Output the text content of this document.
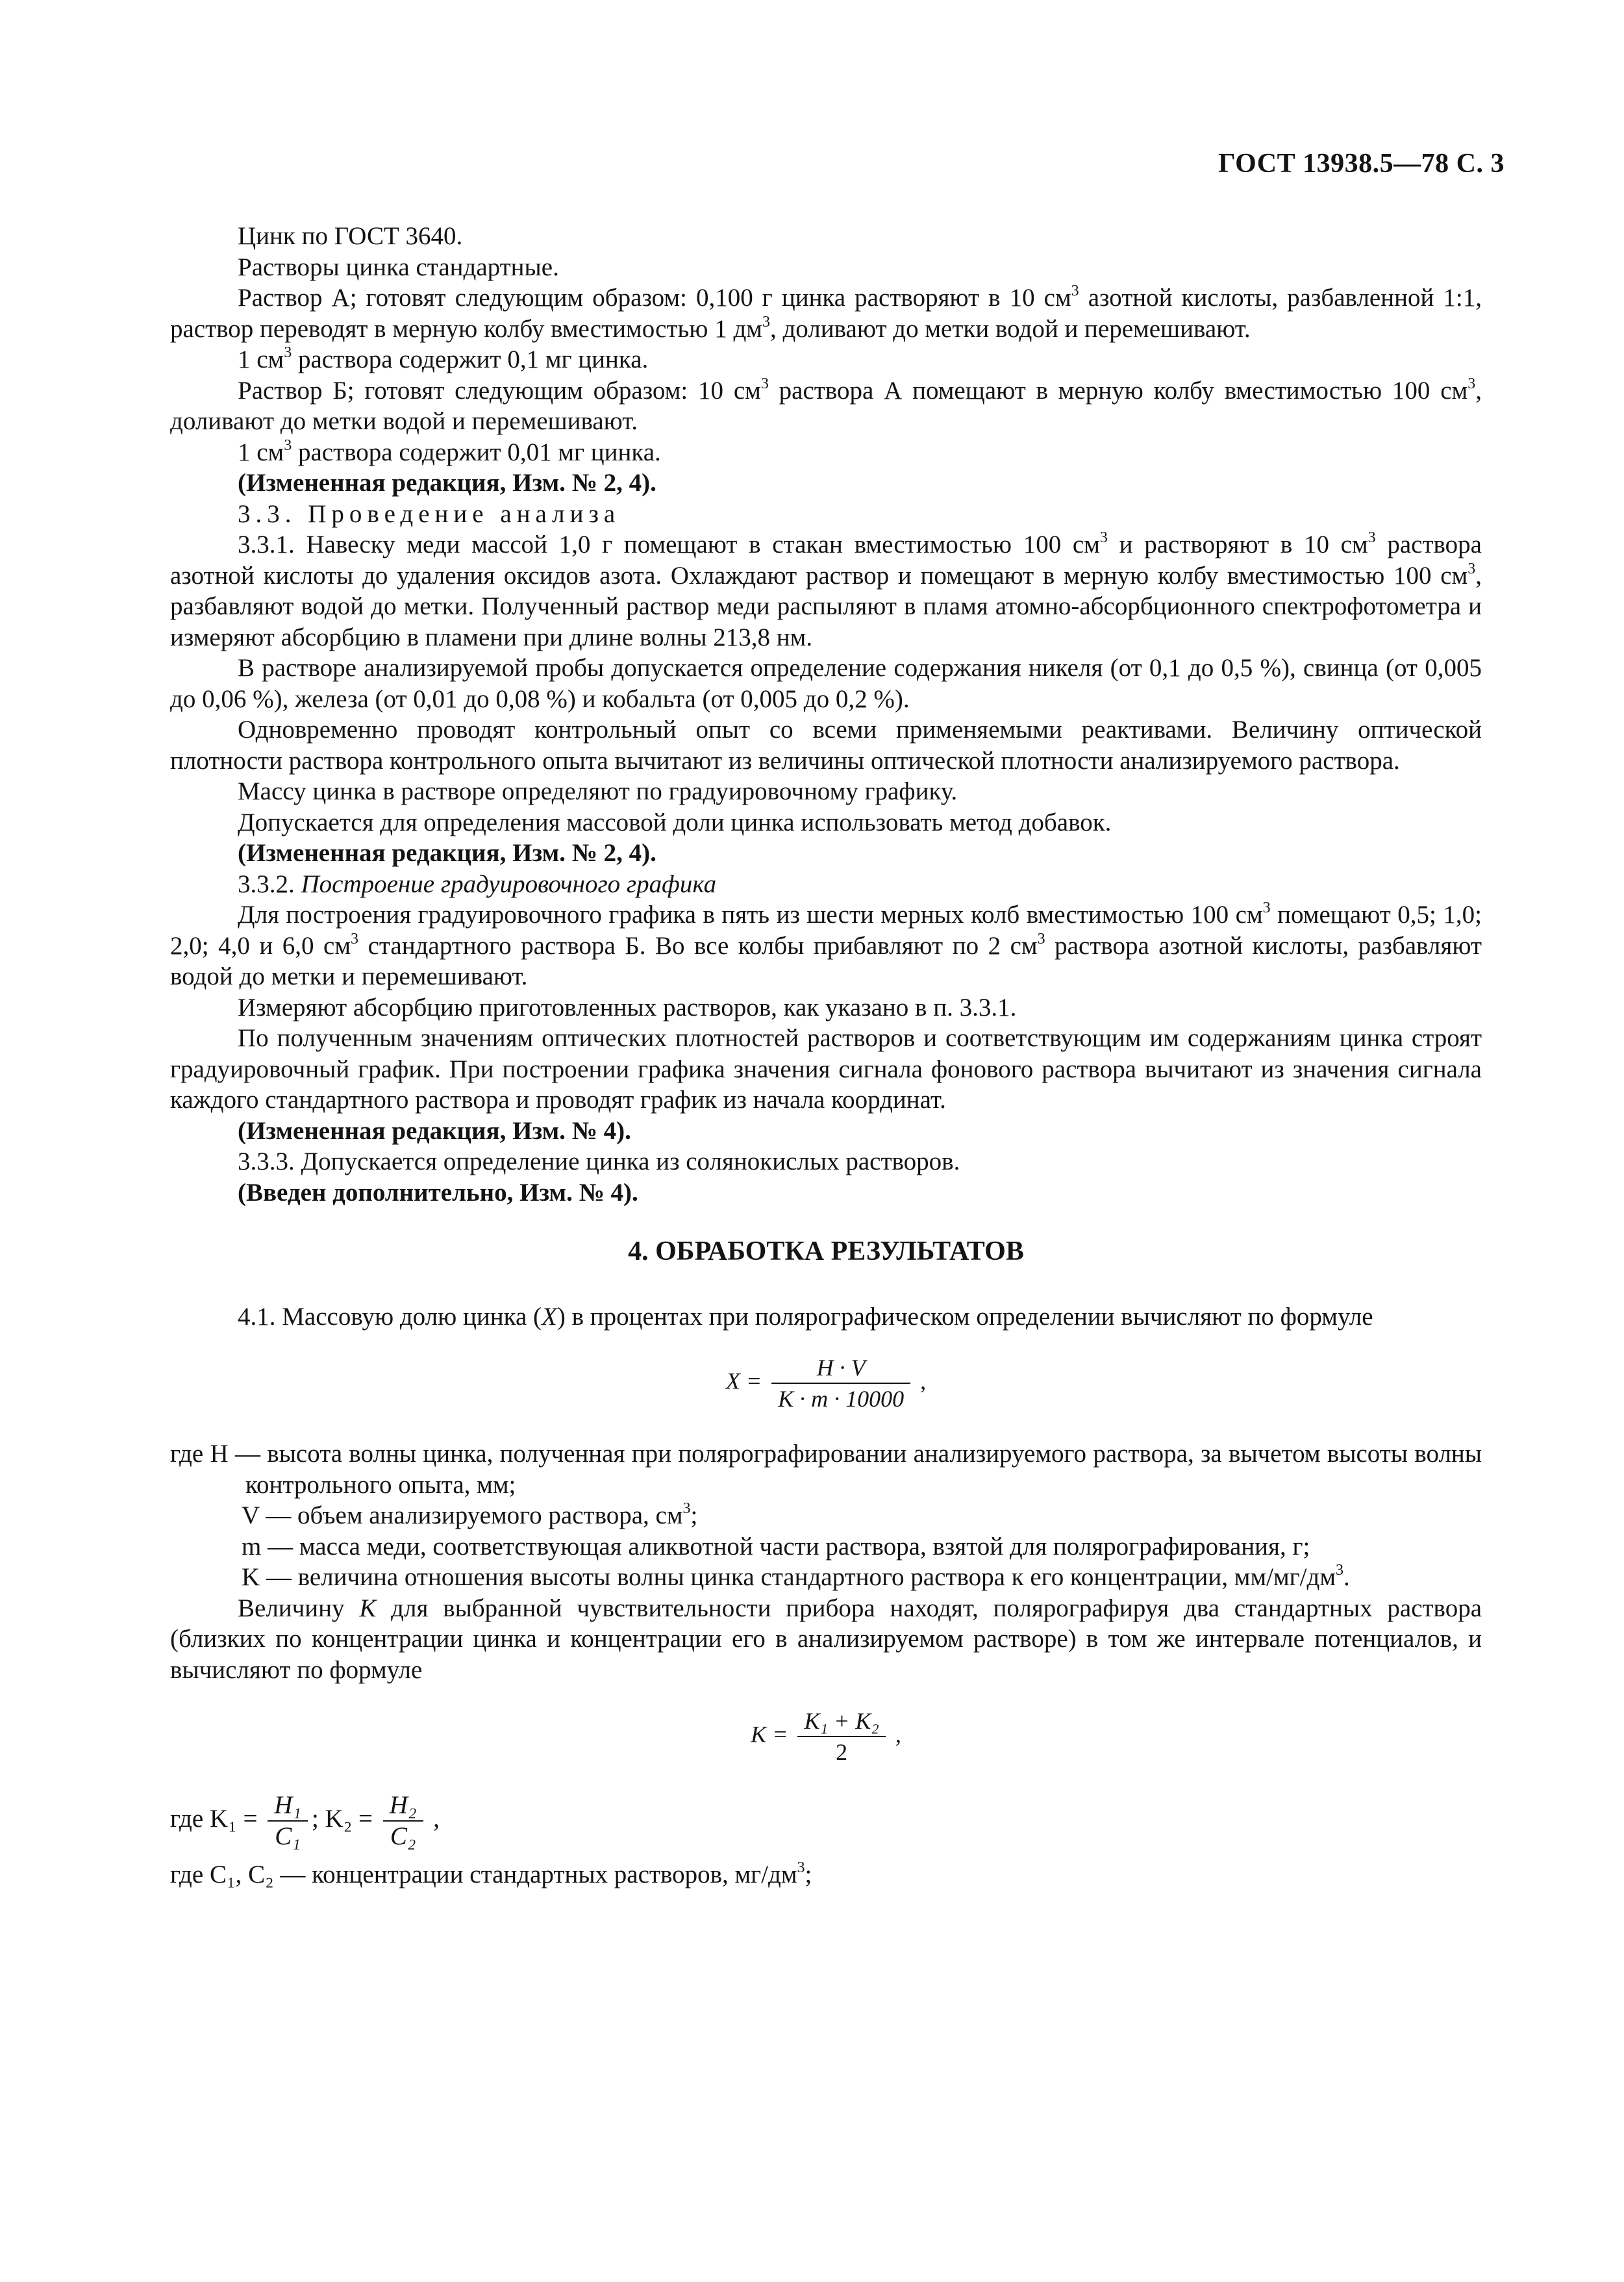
ГОСТ 13938.5—78 С. 3

Цинк по ГОСТ 3640.

Растворы цинка стандартные.

Раствор А; готовят следующим образом: 0,100 г цинка растворяют в 10 $см^3$ азотной кислоты, разбавленной 1:1, раствор переводят в мерную колбу вместимостью 1 $дм^3$, доливают до метки водой и перемешивают.

1 $см^3$ раствора содержит 0,1 мг цинка.

Раствор Б; готовят следующим образом: 10 $см^3$ раствора А помещают в мерную колбу вместимостью 100 $см^3$, доливают до метки водой и перемешивают.

1 $см^3$ раствора содержит 0,01 мг цинка.

(Измененная редакция, Изм. № 2, 4).

3.3. Проведение анализа

3.3.1. Навеску меди массой 1,0 г помещают в стакан вместимостью 100 $см^3$ и растворяют в 10 $см^3$ раствора азотной кислоты до удаления оксидов азота. Охлаждают раствор и помещают в мерную колбу вместимостью 100 $см^3$, разбавляют водой до метки. Полученный раствор меди распыляют в пламя атомно-абсорбционного спектрофотометра и измеряют абсорбцию в пламени при длине волны 213,8 нм.

В растворе анализируемой пробы допускается определение содержания никеля (от 0,1 до 0,5 %), свинца (от 0,005 до 0,06 %), железа (от 0,01 до 0,08 %) и кобальта (от 0,005 до 0,2 %).

Одновременно проводят контрольный опыт со всеми применяемыми реактивами. Величину оптической плотности раствора контрольного опыта вычитают из величины оптической плотности анализируемого раствора.

Массу цинка в растворе определяют по градуировочному графику.

Допускается для определения массовой доли цинка использовать метод добавок.

(Измененная редакция, Изм. № 2, 4).

3.3.2. Построение градуировочного графика

Для построения градуировочного графика в пять из шести мерных колб вместимостью 100 $см^3$ помещают 0,5; 1,0; 2,0; 4,0 и 6,0 $см^3$ стандартного раствора Б. Во все колбы прибавляют по 2 $см^3$ раствора азотной кислоты, разбавляют водой до метки и перемешивают.

Измеряют абсорбцию приготовленных растворов, как указано в п. 3.3.1.

По полученным значениям оптических плотностей растворов и соответствующим им содержаниям цинка строят градуировочный график. При построении графика значения сигнала фонового раствора вычитают из значения сигнала каждого стандартного раствора и проводят график из начала координат.

(Измененная редакция, Изм. № 4).

3.3.3. Допускается определение цинка из солянокислых растворов.

(Введен дополнительно, Изм. № 4).

4. ОБРАБОТКА РЕЗУЛЬТАТОВ

4.1. Массовую долю цинка (X) в процентах при полярографическом определении вычисляют по формуле

$X = \frac{H \cdot V}{K \cdot m \cdot 10000}$ ,

где H — высота волны цинка, полученная при полярографировании анализируемого раствора, за вычетом высоты волны контрольного опыта, мм;

V — объем анализируемого раствора, $см^3$;

m — масса меди, соответствующая аликвотной части раствора, взятой для полярографирования, г;

K — величина отношения высоты волны цинка стандартного раствора к его концентрации, $мм/мг/дм^3$.

Величину K для выбранной чувствительности прибора находят, полярографируя два стандартных раствора (близких по концентрации цинка и концентрации его в анализируемом растворе) в том же интервале потенциалов, и вычисляют по формуле

$K = \frac{\text{K₁ + K₂}}{2}$ ,
где $K_1 = \frac{\text{H₁}}{\text{C₁}}$ ; $K_2 = \frac{\text{H₂}}{\text{C₂}}$ ,

где C₁, C₂ — концентрации стандартных растворов, $мг/дм^3$;
